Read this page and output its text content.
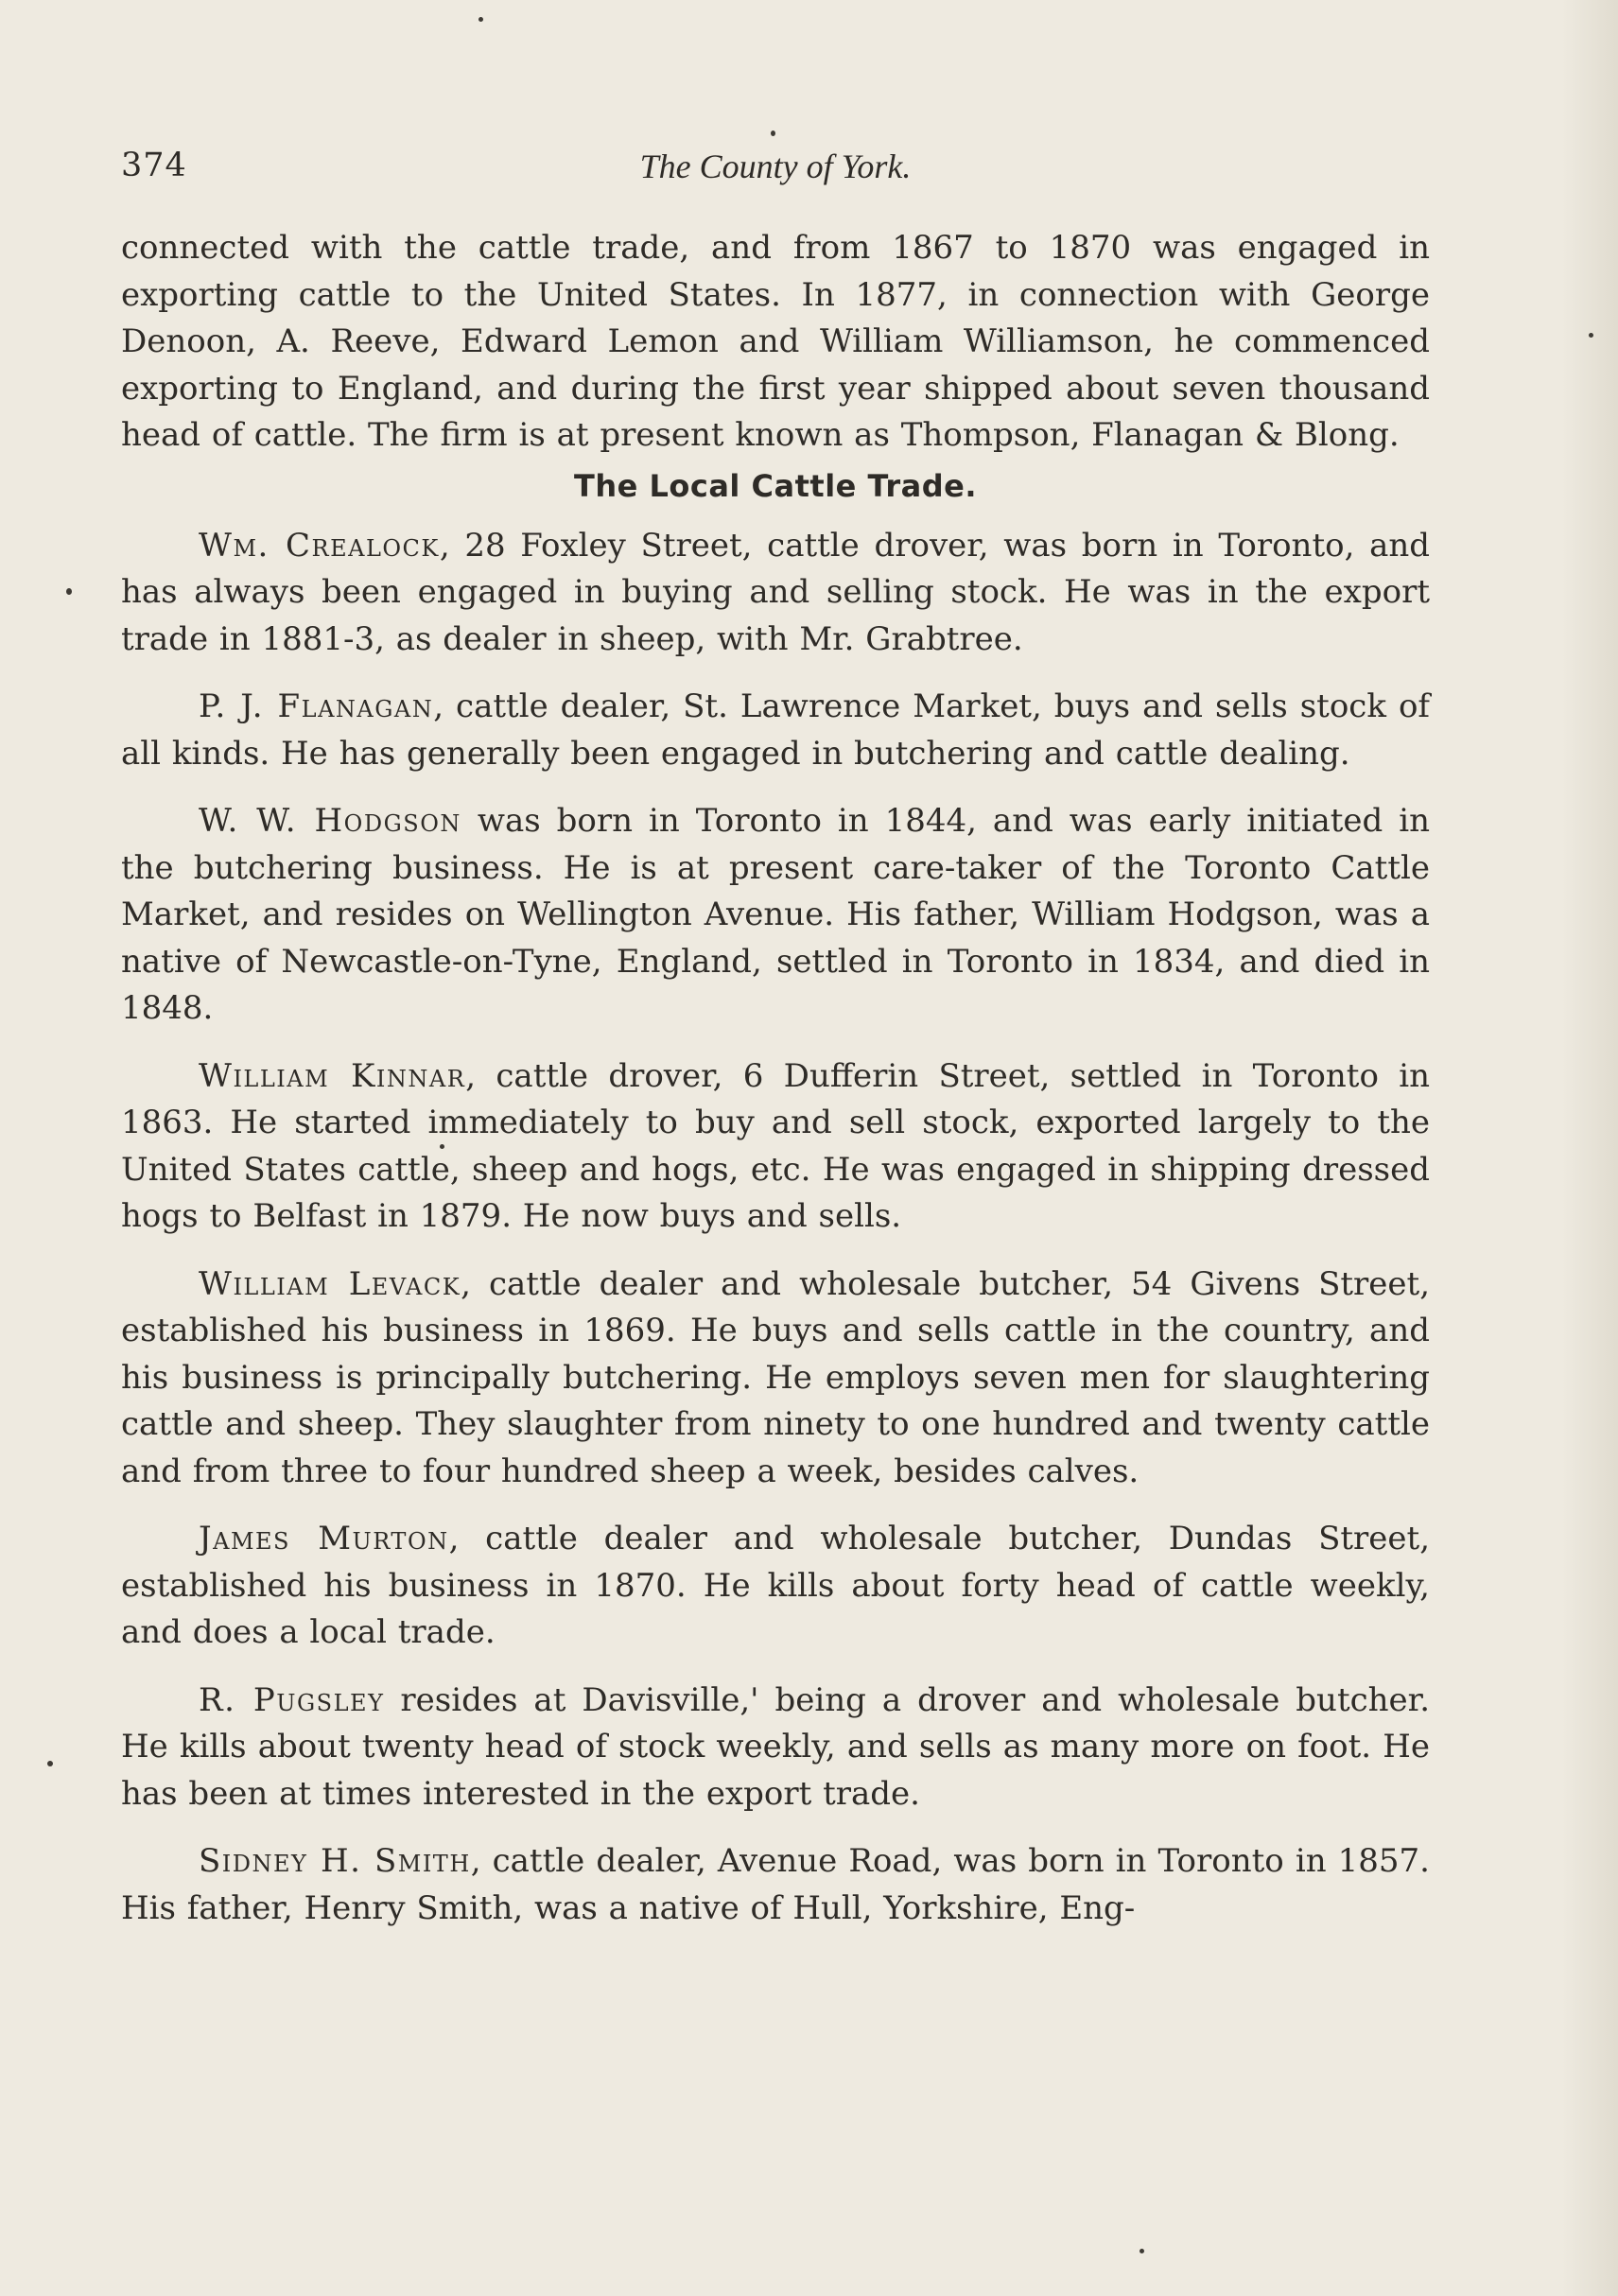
374	The County of York.

connected with the cattle trade, and from 1867 to 1870 was engaged in exporting cattle to the United States. In 1877, in connection with George Denoon, A. Reeve, Edward Lemon and William Williamson, he commenced exporting to England, and during the first year shipped about seven thousand head of cattle. The firm is at present known as Thompson, Flanagan & Blong.

The Local Cattle Trade.

Wm. Crealock, 28 Foxley Street, cattle drover, was born in Toronto, and has always been engaged in buying and selling stock. He was in the export trade in 1881-3, as dealer in sheep, with Mr. Grabtree.

P. J. Flanagan, cattle dealer, St. Lawrence Market, buys and sells stock of all kinds. He has generally been engaged in butchering and cattle dealing.

W. W. Hodgson was born in Toronto in 1844, and was early initiated in the butchering business. He is at present care-taker of the Toronto Cattle Market, and resides on Wellington Avenue. His father, William Hodgson, was a native of Newcastle-on-Tyne, England, settled in Toronto in 1834, and died in 1848.

William Kinnar, cattle drover, 6 Dufferin Street, settled in Toronto in 1863. He started immediately to buy and sell stock, exported largely to the United States cattle, sheep and hogs, etc. He was engaged in shipping dressed hogs to Belfast in 1879. He now buys and sells.

William Levack, cattle dealer and wholesale butcher, 54 Givens Street, established his business in 1869. He buys and sells cattle in the country, and his business is principally butchering. He employs seven men for slaughtering cattle and sheep. They slaughter from ninety to one hundred and twenty cattle and from three to four hundred sheep a week, besides calves.

James Murton, cattle dealer and wholesale butcher, Dundas Street, established his business in 1870. He kills about forty head of cattle weekly, and does a local trade.

R. Pugsley resides at Davisville,' being a drover and wholesale butcher. He kills about twenty head of stock weekly, and sells as many more on foot. He has been at times interested in the export trade.

Sidney H. Smith, cattle dealer, Avenue Road, was born in Toronto in 1857. His father, Henry Smith, was a native of Hull, Yorkshire, Eng-
